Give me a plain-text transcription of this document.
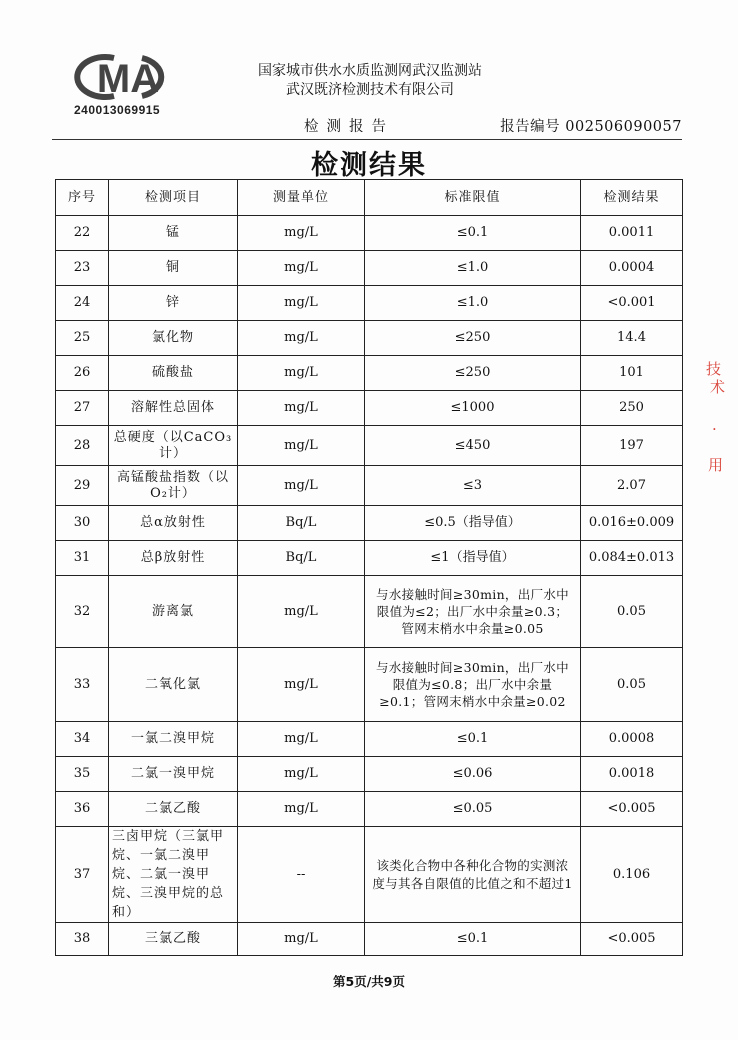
MA
240013069915
国家城市供水水质监测网武汉监测站
武汉既济检测技术有限公司
检测报告	报告编号 002506090057
检测结果
序号	检测项目	测量单位	标准限值	检测结果
22	锰	mg/L	≤0.1	0.0011
23	铜	mg/L	≤1.0	0.0004
24	锌	mg/L	≤1.0	<0.001
25	氯化物	mg/L	≤250	14.4
26	硫酸盐	mg/L	≤250	101
27	溶解性总固体	mg/L	≤1000	250
28	总硬度（以CaCO₃计）	mg/L	≤450	197
29	高锰酸盐指数（以O₂计）	mg/L	≤3	2.07
30	总α放射性	Bq/L	≤0.5（指导值）	0.016±0.009
31	总β放射性	Bq/L	≤1（指导值）	0.084±0.013
32	游离氯	mg/L	与水接触时间≥30min，出厂水中限值为≤2；出厂水中余量≥0.3；管网末梢水中余量≥0.05	0.05
33	二氧化氯	mg/L	与水接触时间≥30min，出厂水中限值为≤0.8；出厂水中余量≥0.1；管网末梢水中余量≥0.02	0.05
34	一氯二溴甲烷	mg/L	≤0.1	0.0008
35	二氯一溴甲烷	mg/L	≤0.06	0.0018
36	二氯乙酸	mg/L	≤0.05	<0.005
37	三卤甲烷（三氯甲烷、一氯二溴甲烷、二氯一溴甲烷、三溴甲烷的总和）	--	该类化合物中各种化合物的实测浓度与其各自限值的比值之和不超过1	0.106
38	三氯乙酸	mg/L	≤0.1	<0.005
第5页/共9页
技
术
·
用
